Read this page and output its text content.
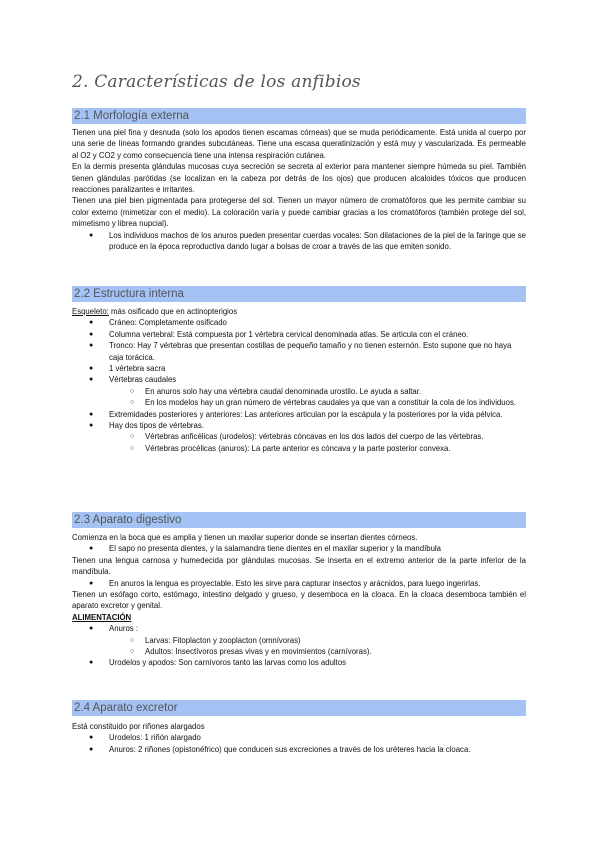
2. Características de los anfibios
2.1 Morfología externa

Tienen una piel fina y desnuda (solo los apodos tienen escamas córneas) que se muda periódicamente. Está unida al cuerpo por una serie de líneas formando grandes subcutáneas. Tiene una escasa queratinización y está muy y vascularizada. Es permeable al O2 y CO2 y como consecuencia tiene una intensa respiración cutánea.

En la dermis presenta glándulas mucosas cuya secreción se secreta al exterior para mantener siempre húmeda su piel. También tienen glándulas parótidas (se localizan en la cabeza por detrás de los ojos) que producen alcaloides tóxicos que producen reacciones paralizantes e irritantes.

Tienen una piel bien pigmentada para protegerse del sol. Tienen un mayor número de cromatóforos que les permite cambiar su color externo (mimetizar con el medio). La coloración varía y puede cambiar gracias a los cromatóforos (también protege del sol, mimetismo y librea nupcial).

● Los individuos machos de los anuros pueden presentar cuerdas vocales: Son dilataciones de la piel de la faringe que se produce en la época reproductiva dando lugar a bolsas de croar a través de las que emiten sonido.
2.2 Estructura interna

Esqueleto: más osificado que en actinopterigios

● Cráneo: Completamente osificado
● Columna vertebral: Está compuesta por 1 vértebra cervical denominada atlas. Se articula con el cráneo.
● Tronco: Hay 7 vértebras que presentan costillas de pequeño tamaño y no tienen esternón. Esto supone que no haya caja torácica.
● 1 vértebra sacra
● Vértebras caudales
○ En anuros solo hay una vértebra caudal denominada urostilo. Le ayuda a saltar.
○ En los modelos hay un gran número de vértebras caudales ya que van a constituir la cola de los individuos.
● Extremidades posteriores y anteriores: Las anteriores articulan por la escápula y la posteriores por la vida pélvica.
● Hay dos tipos de vértebras.
○ Vértebras anficélicas (urodelos): vértebras cóncavas en los dos lados del cuerpo de las vértebras.
○ Vértebras procélicas (anuros): La parte anterior es cóncava y la parte posterior convexa.
2.3 Aparato digestivo

Comienza en la boca que es amplia y tienen un maxilar superior donde se insertan dientes córneos.

● El sapo no presenta dientes, y la salamandra tiene dientes en el maxilar superior y la mandíbula

Tienen una lengua carnosa y humedecida por glándulas mucosas. Se inserta en el extremo anterior de la parte inferior de la mandíbula.

● En anuros la lengua es proyectable. Esto les sirve para capturar insectos y arácnidos, para luego ingerirlas.

Tienen un esófago corto, estómago, intestino delgado y grueso, y desemboca en la cloaca. En la cloaca desemboca también el aparato excretor y genital.

ALIMENTACIÓN

● Anuros :
○ Larvas: Fitoplacton y zooplacton (omnívoras)
○ Adultos: Insectívoros presas vivas y en movimientos (carnívoras).
● Urodelos y apodos: Son carnívoros tanto las larvas como los adultos
2.4 Aparato excretor

Está constituido por riñones alargados

● Urodelos: 1 riñón alargado
● Anuros: 2 riñones (opistonéfrico) que conducen sus excreciones a través de los uréteres hacia la cloaca.
